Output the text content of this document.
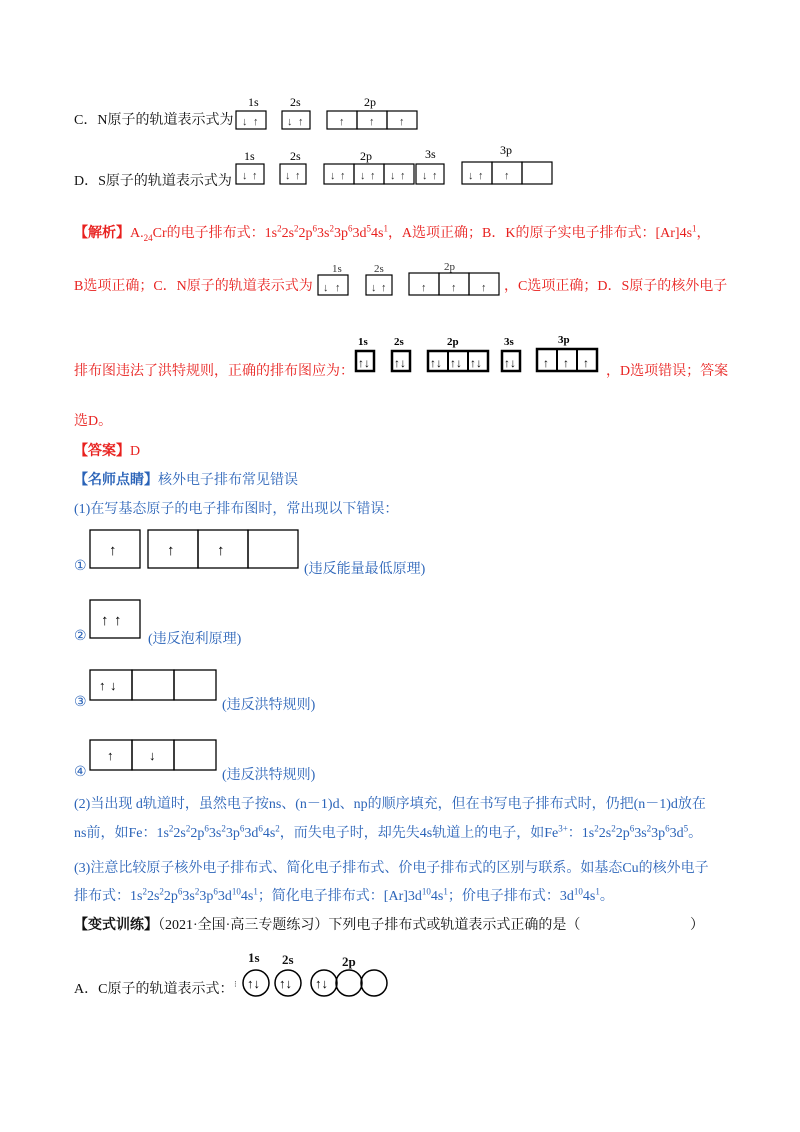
C．N原子的轨道表示式为
1s	2s	2p
↓ ↑	↓ ↑	↑ ↑ ↑
D．S原子的轨道表示式为
1s	2s	2p	3s	3p
↓ ↑	↓ ↑	↓ ↑ ↓ ↑ ↓ ↑ ↓ ↑	↓ ↑ ↑
【解析】$A._{24}Cr$的电子排布式：$1s^22s^22p^63s^23p^63d^54s^1$，A选项正确；B．K的原子实电子排布式：$[Ar]4s^1$，
B选项正确；C．N原子的轨道表示式为
1s	2s	2p
↓ ↑	↓ ↑	↑ ↑ ↑ ，C选项正确；D．S原子的核外电子
排布图违法了洪特规则，正确的排布图应为：
1s 2s	2p	3s	3p
↑↓ ↑↓ ↑↓ ↑↓ ↑↓ ↑↓ ↑ ↑ ↑
，D选项错误；答案
选D。
【答案】D
【名师点睛】核外电子排布常见错误
(1)在写基态原子的电子排布图时，常出现以下错误：
①
↑	↑	↑
(违反能量最低原理)
②
↑ ↑
(违反泡利原理)
③
↑ ↓
(违反洪特规则)
④
↑	↓
(违反洪特规则)
(2)当出现 d轨道时，虽然电子按ns、(n－1)d、np的顺序填充，但在书写电子排布式时，仍把(n－1)d放在
ns前，如Fe：$1s^22s^22p^63s^23p^63d^64s^2$，而失电子时，却先失4s轨道上的电子，如$Fe^{3+}$：$1s^22s^22p^63s^23p^63d^5$。
(3)注意比较原子核外电子排布式、简化电子排布式、价电子排布式的区别与联系。如基态Cu的核外电子
排布式：$1s^22s^22p^63s^23p^63d^{10}4s^1$；简化电子排布式：$[Ar]3d^{10}4s^1$；价电子排布式：$3d^{10}4s^1$。
【变式训练】（2021·全国·高三专题练习）下列电子排布式或轨道表示式正确的是（	）
A．C原子的轨道表示式：
1s 2s	2p
↑↓ ↑↓ ↑↓
⁝
